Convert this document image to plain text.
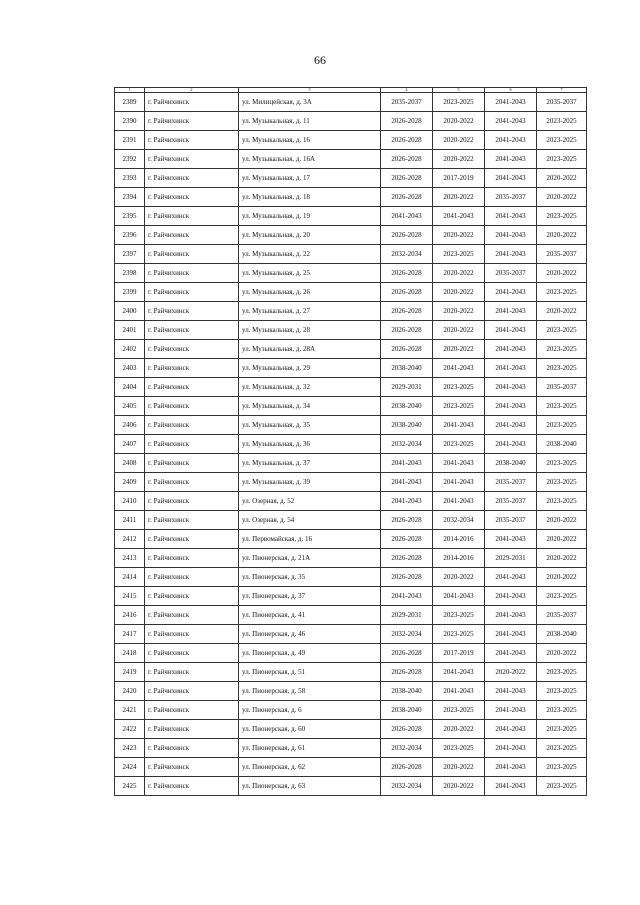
66
1	2	3	4	5	6	7
2389	г. Райчихинск	ул. Милицейская, д. 3А	2035-2037	2023-2025	2041-2043	2035-2037
2390	г. Райчихинск	ул. Музыкальная, д. 11	2026-2028	2020-2022	2041-2043	2023-2025
2391	г. Райчихинск	ул. Музыкальная, д. 16	2026-2028	2020-2022	2041-2043	2023-2025
2392	г. Райчихинск	ул. Музыкальная, д. 16А	2026-2028	2020-2022	2041-2043	2023-2025
2393	г. Райчихинск	ул. Музыкальная, д. 17	2026-2028	2017-2019	2041-2043	2020-2022
2394	г. Райчихинск	ул. Музыкальная, д. 18	2026-2028	2020-2022	2035-2037	2020-2022
2395	г. Райчихинск	ул. Музыкальная, д. 19	2041-2043	2041-2043	2041-2043	2023-2025
2396	г. Райчихинск	ул. Музыкальная, д. 20	2026-2028	2020-2022	2041-2043	2020-2022
2397	г. Райчихинск	ул. Музыкальная, д. 22	2032-2034	2023-2025	2041-2043	2035-2037
2398	г. Райчихинск	ул. Музыкальная, д. 25	2026-2028	2020-2022	2035-2037	2020-2022
2399	г. Райчихинск	ул. Музыкальная, д. 26	2026-2028	2020-2022	2041-2043	2023-2025
2400	г. Райчихинск	ул. Музыкальная, д. 27	2026-2028	2020-2022	2041-2043	2020-2022
2401	г. Райчихинск	ул. Музыкальная, д. 28	2026-2028	2020-2022	2041-2043	2023-2025
2402	г. Райчихинск	ул. Музыкальная, д. 28А	2026-2028	2020-2022	2041-2043	2023-2025
2403	г. Райчихинск	ул. Музыкальная, д. 29	2038-2040	2041-2043	2041-2043	2023-2025
2404	г. Райчихинск	ул. Музыкальная, д. 32	2029-2031	2023-2025	2041-2043	2035-2037
2405	г. Райчихинск	ул. Музыкальная, д. 34	2038-2040	2023-2025	2041-2043	2023-2025
2406	г. Райчихинск	ул. Музыкальная, д. 35	2038-2040	2041-2043	2041-2043	2023-2025
2407	г. Райчихинск	ул. Музыкальная, д. 36	2032-2034	2023-2025	2041-2043	2038-2040
2408	г. Райчихинск	ул. Музыкальная, д. 37	2041-2043	2041-2043	2038-2040	2023-2025
2409	г. Райчихинск	ул. Музыкальная, д. 39	2041-2043	2041-2043	2035-2037	2023-2025
2410	г. Райчихинск	ул. Озерная, д. 52	2041-2043	2041-2043	2035-2037	2023-2025
2411	г. Райчихинск	ул. Озерная, д. 54	2026-2028	2032-2034	2035-2037	2020-2022
2412	г. Райчихинск	ул. Первомайская, д. 16	2026-2028	2014-2016	2041-2043	2020-2022
2413	г. Райчихинск	ул. Пионерская, д. 21А	2026-2028	2014-2016	2029-2031	2020-2022
2414	г. Райчихинск	ул. Пионерская, д. 35	2026-2028	2020-2022	2041-2043	2020-2022
2415	г. Райчихинск	ул. Пионерская, д. 37	2041-2043	2041-2043	2041-2043	2023-2025
2416	г. Райчихинск	ул. Пионерская, д. 41	2029-2031	2023-2025	2041-2043	2035-2037
2417	г. Райчихинск	ул. Пионерская, д. 46	2032-2034	2023-2025	2041-2043	2038-2040
2418	г. Райчихинск	ул. Пионерская, д. 49	2026-2028	2017-2019	2041-2043	2020-2022
2419	г. Райчихинск	ул. Пионерская, д. 51	2026-2028	2041-2043	2020-2022	2023-2025
2420	г. Райчихинск	ул. Пионерская, д. 58	2038-2040	2041-2043	2041-2043	2023-2025
2421	г. Райчихинск	ул. Пионерская, д. 6	2038-2040	2023-2025	2041-2043	2023-2025
2422	г. Райчихинск	ул. Пионерская, д. 60	2026-2028	2020-2022	2041-2043	2023-2025
2423	г. Райчихинск	ул. Пионерская, д. 61	2032-2034	2023-2025	2041-2043	2023-2025
2424	г. Райчихинск	ул. Пионерская, д. 62	2026-2028	2020-2022	2041-2043	2023-2025
2425	г. Райчихинск	ул. Пионерская, д. 63	2032-2034	2020-2022	2041-2043	2023-2025
